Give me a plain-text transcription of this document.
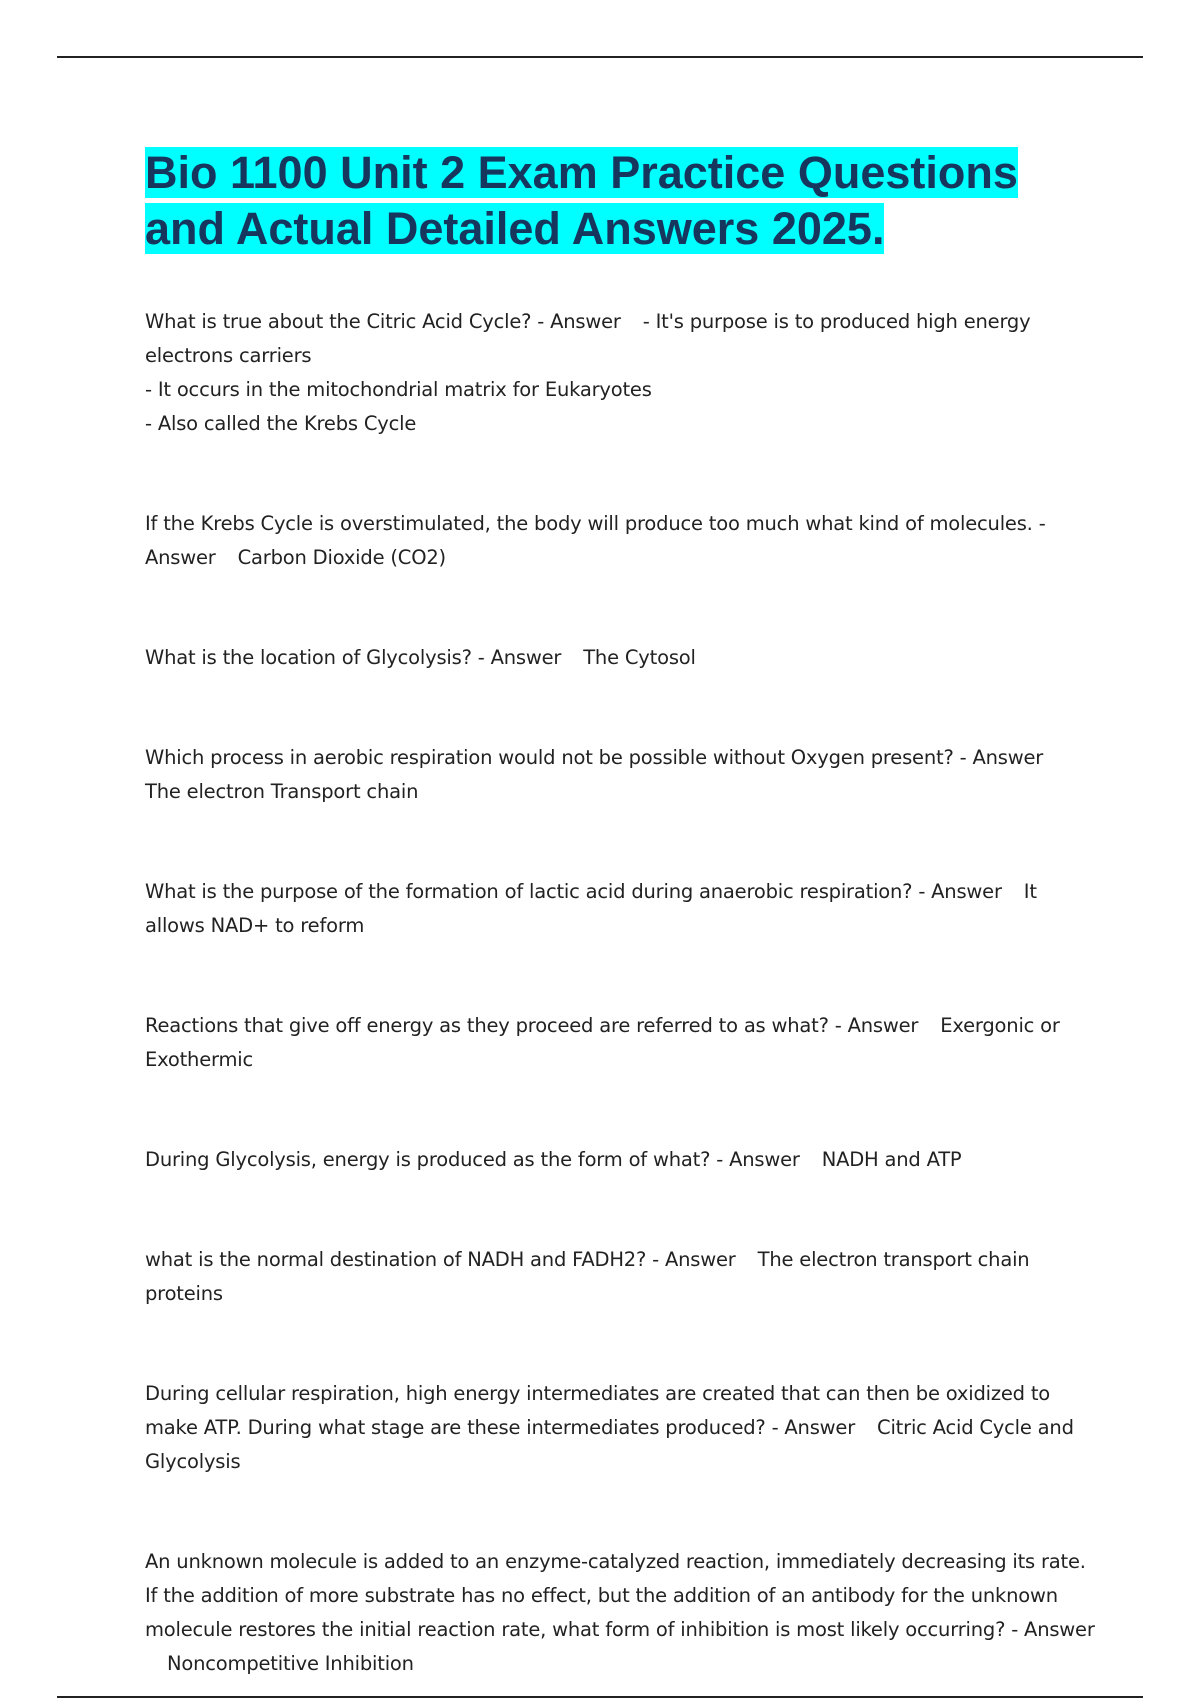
Bio 1100 Unit 2 Exam Practice Questions and Actual Detailed Answers 2025.

What is true about the Citric Acid Cycle? - Answer - It's purpose is to produced high energy electrons carriers

- It occurs in the mitochondrial matrix for Eukaryotes

- Also called the Krebs Cycle

If the Krebs Cycle is overstimulated, the body will produce too much what kind of molecules. - Answer Carbon Dioxide (CO2)

What is the location of Glycolysis? - Answer The Cytosol

Which process in aerobic respiration would not be possible without Oxygen present? - AnswerThe electron Transport chain

What is the purpose of the formation of lactic acid during anaerobic respiration? - Answer It allows NAD+ to reform

Reactions that give off energy as they proceed are referred to as what? - Answer Exergonic or Exothermic

During Glycolysis, energy is produced as the form of what? - Answer NADH and ATP

what is the normal destination of NADH and FADH2? - Answer The electron transport chain proteins

During cellular respiration, high energy intermediates are created that can then be oxidized to make ATP. During what stage are these intermediates produced? - Answer Citric Acid Cycle and Glycolysis

An unknown molecule is added to an enzyme-catalyzed reaction, immediately decreasing its rate. If the addition of more substrate has no effect, but the addition of an antibody for the unknown molecule restores the initial reaction rate, what form of inhibition is most likely occurring? - AnswerNoncompetitive Inhibition
